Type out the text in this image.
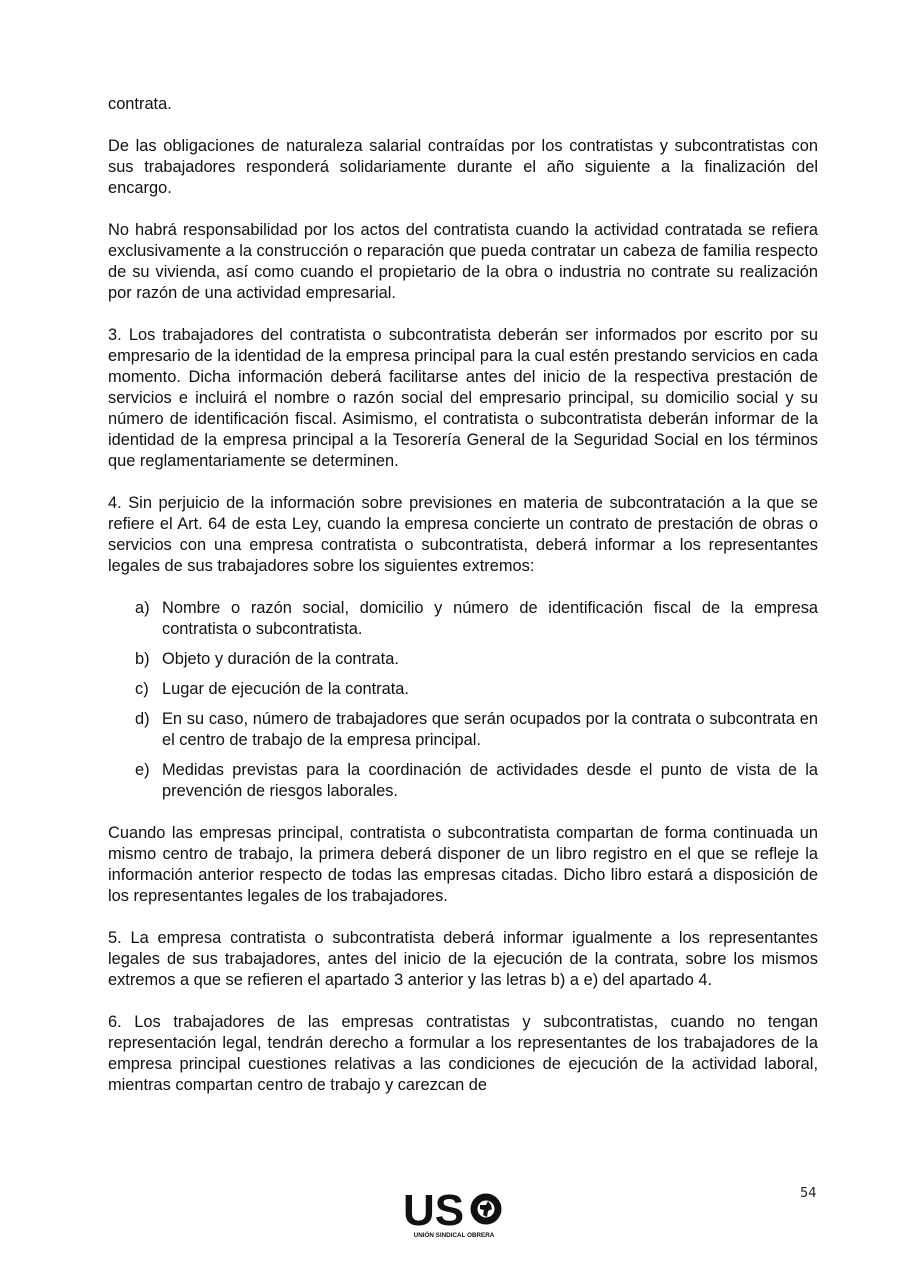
contrata.

De las obligaciones de naturaleza salarial contraídas por los contratistas y subcontratistas con sus trabajadores responderá solidariamente durante el año siguiente a la finalización del encargo.

No habrá responsabilidad por los actos del contratista cuando la actividad contratada se refiera exclusivamente a la construcción o reparación que pueda contratar un cabeza de familia respecto de su vivienda, así como cuando el propietario de la obra o industria no contrate su realización por razón de una actividad empresarial.

3. Los trabajadores del contratista o subcontratista deberán ser informados por escrito por su empresario de la identidad de la empresa principal para la cual estén prestando servicios en cada momento. Dicha información deberá facilitarse antes del inicio de la respectiva prestación de servicios e incluirá el nombre o razón social del empresario principal, su domicilio social y su número de identificación fiscal. Asimismo, el contratista o subcontratista deberán informar de la identidad de la empresa principal a la Tesorería General de la Seguridad Social en los términos que reglamentariamente se determinen.

4. Sin perjuicio de la información sobre previsiones en materia de subcontratación a la que se refiere el Art. 64 de esta Ley, cuando la empresa concierte un contrato de prestación de obras o servicios con una empresa contratista o subcontratista, deberá informar a los representantes legales de sus trabajadores sobre los siguientes extremos:

a) Nombre o razón social, domicilio y número de identificación fiscal de la empresa contratista o subcontratista.
b) Objeto y duración de la contrata.
c) Lugar de ejecución de la contrata.
d) En su caso, número de trabajadores que serán ocupados por la contrata o subcontrata en el centro de trabajo de la empresa principal.
e) Medidas previstas para la coordinación de actividades desde el punto de vista de la prevención de riesgos laborales.

Cuando las empresas principal, contratista o subcontratista compartan de forma continuada un mismo centro de trabajo, la primera deberá disponer de un libro registro en el que se refleje la información anterior respecto de todas las empresas citadas. Dicho libro estará a disposición de los representantes legales de los trabajadores.

5. La empresa contratista o subcontratista deberá informar igualmente a los representantes legales de sus trabajadores, antes del inicio de la ejecución de la contrata, sobre los mismos extremos a que se refieren el apartado 3 anterior y las letras b) a e) del apartado 4.

6. Los trabajadores de las empresas contratistas y subcontratistas, cuando no tengan representación legal, tendrán derecho a formular a los representantes de los trabajadores de la empresa principal cuestiones relativas a las condiciones de ejecución de la actividad laboral, mientras compartan centro de trabajo y carezcan de

54
US
UNIÓN SINDICAL OBRERA
